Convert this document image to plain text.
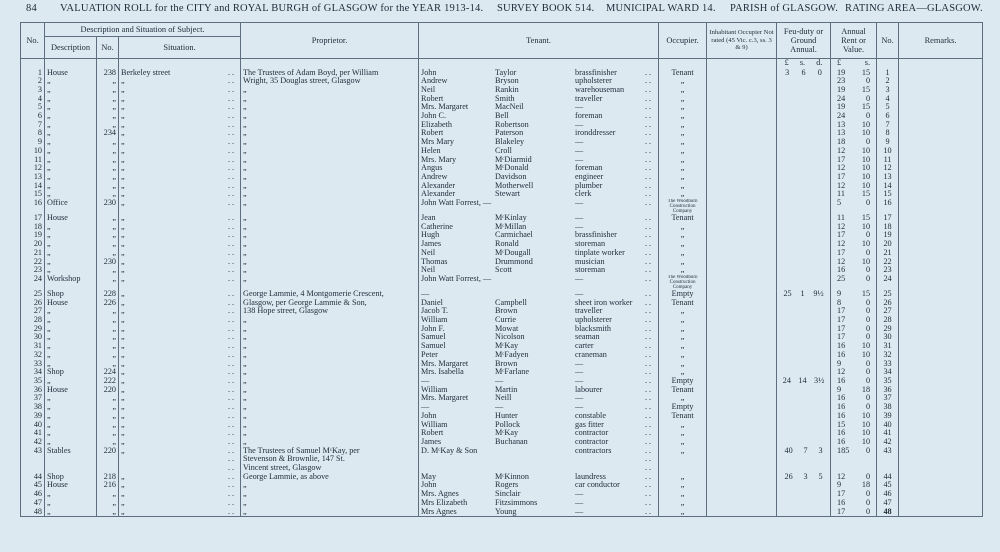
84 VALUATION ROLL for the CITY and ROYAL BURGH of GLASGOW for the YEAR 1913-14. SURVEY BOOK 514. MUNICIPAL WARD 14. PARISH of GLASGOW. RATING AREA—GLASGOW.
No.	Description and Situation of Subject.			Proprietor.	Tenant.	Occupier.	Inhabitant Occupier Not rated (45 Vic. c.3, ss. 3 & 9)	Feu-duty or Ground Annual.	Annual Rent or Value.	No.	Remarks.
	Description	No.	Situation.								

								£ s. d.	£ s.		

1	House	238	Berkeley street . .	The Trustees of Adam Boyd, per William	John Taylor brassfinisher . .	Tenant		3 6 0	19 15	1	
2	„	„	„ . .	Wright, 35 Douglas street, Glasgow	Andrew Bryson upholsterer . .	„			23 0	2	
3	„	„	„ . .	„	Neil Rankin warehouseman . .	„			19 15	3	
4	„	„	„ . .	„	Robert Smith traveller . .	„			24 0	4	
5	„	„	„ . .	„	Mrs. Margaret MacNeil — . .	„			19 15	5	
6	„	„	„ . .	„	John C. Bell foreman . .	„			24 0	6	
7	„	„	„ . .	„	Elizabeth Robertson — . .	„			13 10	7	
8	„	234	„ . .	„	Robert Paterson ironddresser . .	„			13 10	8	
9	„	„	„ . .	„	Mrs Mary Blakeley — . .	„			18 0	9	
10	„	„	„ . .	„	Helen Croll — . .	„			12 10	10	
11	„	„	„ . .	„	Mrs. Mary MᶜDiarmid — . .	„			17 10	11	
12	„	„	„ . .	„	Angus MᶜDonald foreman . .	„			12 10	12	
13	„	„	„ . .	„	Andrew Davidson engineer . .	„			17 10	13	
14	„	„	„ . .	„	Alexander Motherwell plumber . .	„			12 10	14	
15	„	„	„ . .	„	Alexander Stewart clerk . .	„			11 15	15	
16	Office	230	„ . .	„	John Watt Forrest, — — . .	The Woodburn Construction Company			5 0	16	
17	House	„	„ . .	„	Jean MᶜKinlay — . .	Tenant			11 15	17	
18	„	„	„ . .	„	Catherine MᶜMillan — . .	„			12 10	18	
19	„	„	„ . .	„	Hugh Carmichael brassfinisher . .	„			17 0	19	
20	„	„	„ . .	„	James Ronald storeman . .	„			12 10	20	
21	„	„	„ . .	„	Neil MᶜDougall tinplate worker . .	„			17 0	21	
22	„	230	„ . .	„	Thomas Drummond musician . .	„			12 10	22	
23	„	„	„ . .	„	Neil Scott storeman . .	„			16 0	23	
24	Workshop	„	„ . .	„	John Watt Forrest, — — . .	The Woodburn Construction Company			25 0	24	
25	Shop	228	„ . .	George Lammie, 4 Montgomerie Crescent,	— — . .	Empty		25 1 9½	9 15	25	
26	House	226	„ . .	Glasgow, per George Lammie & Son,	Daniel Campbell sheet iron worker . .	Tenant			8 0	26	
27	„	„	„ . .	138 Hope street, Glasgow	Jacob T. Brown traveller . .	„			17 0	27	
28	„	„	„ . .	„	William Currie upholsterer . .	„			17 0	28	
29	„	„	„ . .	„	John F. Mowat blacksmith . .	„			17 0	29	
30	„	„	„ . .	„	Samuel Nicolson seaman . .	„			17 0	30	
31	„	„	„ . .	„	Samuel MᶜKay carter . .	„			16 10	31	
32	„	„	„ . .	„	Peter MᶜFadyen craneman . .	„			16 10	32	
33	„	„	„ . .	„	Mrs. Margaret Brown — . .	„			9 0	33	
34	Shop	224	„ . .	„	Mrs. Isabella MᶜFarlane — . .	„			12 0	34	
35	„	222	„ . .	„	— — — . .	Empty		24 14 3½	16 0	35	
36	House	220	„ . .	„	William Martin labourer . .	Tenant			9 18	36	
37	„	„	„ . .	„	Mrs. Margaret Neill — . .	„			16 0	37	
38	„	„	„ . .	„	— — — . .	Empty			16 0	38	
39	„	„	„ . .	„	John Hunter constable . .	Tenant			16 10	39	
40	„	„	„ . .	„	William Pollock gas fitter . .	„			15 10	40	
41	„	„	„ . .	„	Robert MᶜKay contractor . .	„			16 10	41	
42	„	„	„ . .	„	James Buchanan contractor . .	„			16 10	42	
43	Stables	220	„ . .	The Trustees of Samuel MᶜKay, per	D. MᶜKay & Son contractors . .	„		40 7 3	185 0	43	

			. .	Stevenson & Brownlie, 147 St.	. .						

			. .	Vincent street, Glasgow	. .						

44	Shop	218	„ . .	George Lammie, as above	May MᶜKinnon laundress . .	„		26 3 5	12 0	44	
45	House	216	„ . .	„	John Rogers car conductor . .	„			9 18	45	
46	„	„	„ . .	„	Mrs. Agnes Sinclair — . .	„			17 0	46	
47	„	„	„ . .	„	Mrs Elizabeth Fitzsimmons — . .	„			16 0	47	
48	„	„	„ . .	„	Mrs Agnes Young — . .	„			17 0	48	
